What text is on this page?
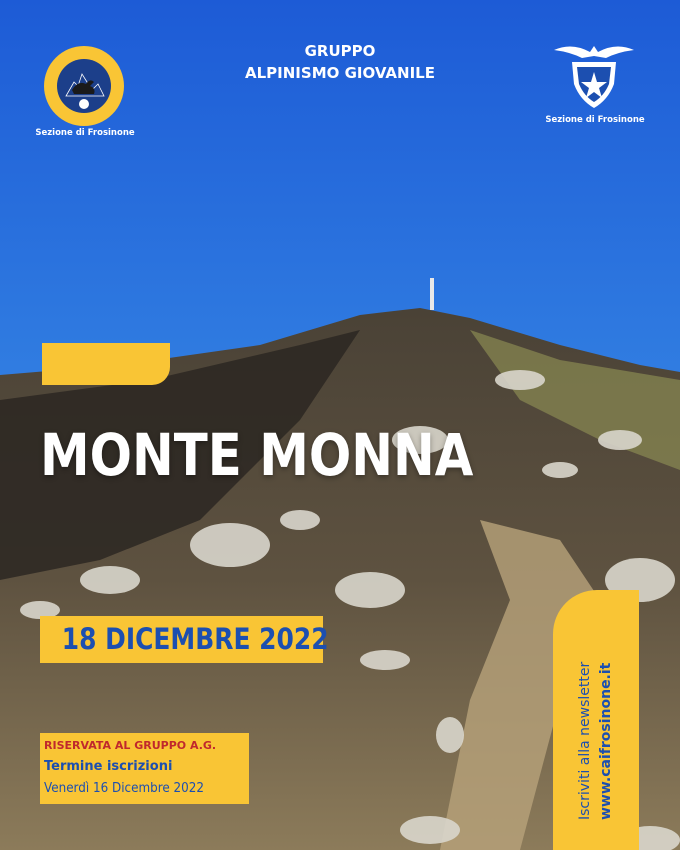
GRUPPO
ALPINISMO GIOVANILE
Sezione di Frosinone
Sezione di Frosinone
MONTE MONNA
18 DICEMBRE 2022
RISERVATA AL GRUPPO A.G.
Termine iscrizioni
Venerdì 16 Dicembre 2022	Iscriviti alla newsletter www.caifrosinone.it
